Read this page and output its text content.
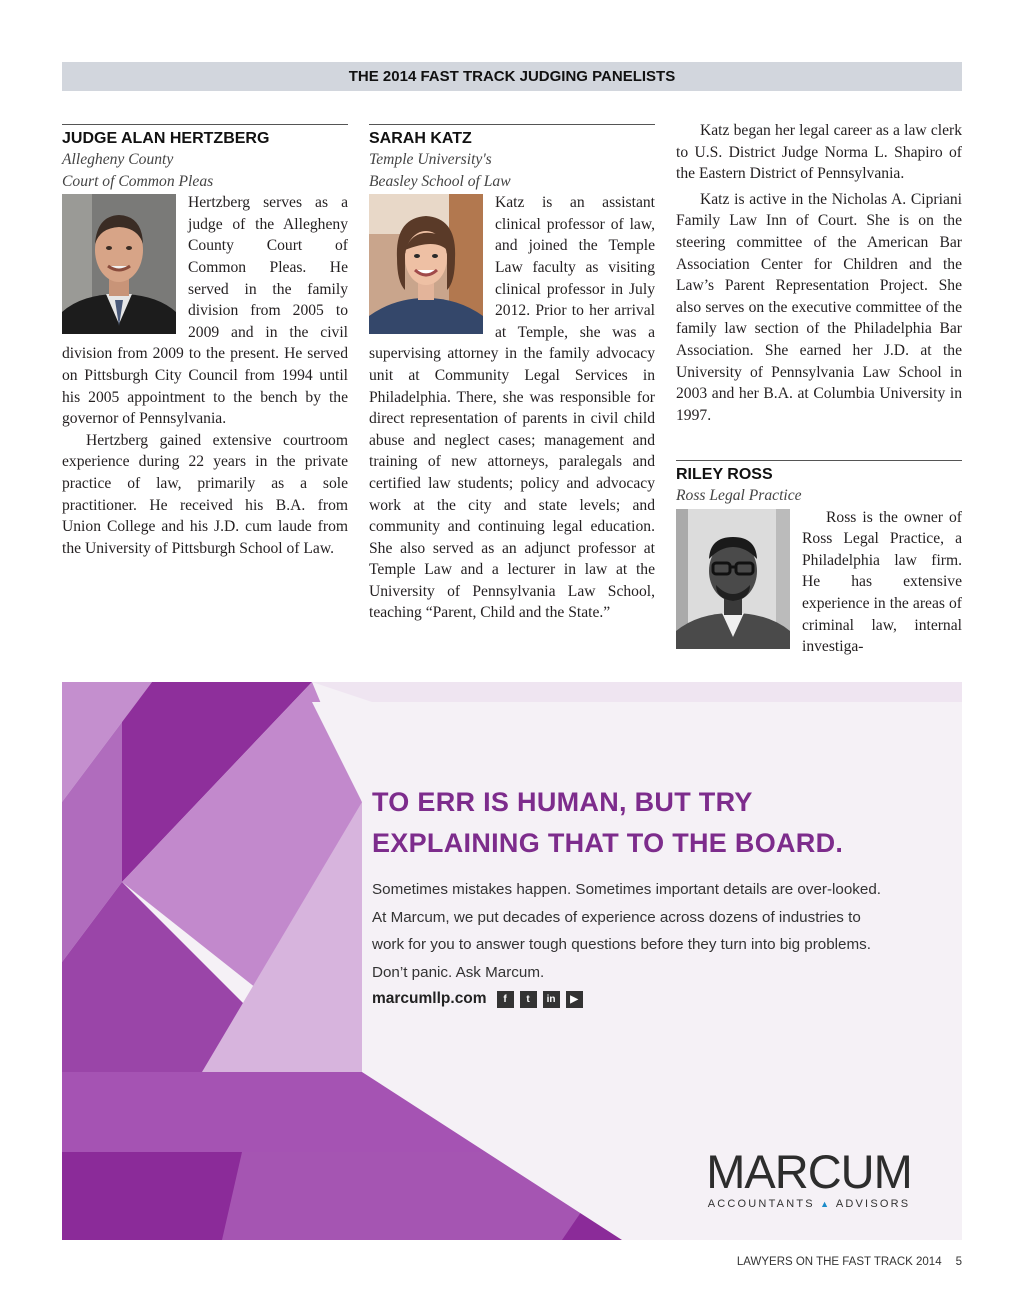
THE 2014 FAST TRACK JUDGING PANELISTS
JUDGE ALAN HERTZBERG
Allegheny County
Court of Common Pleas

Hertzberg serves as a judge of the Allegheny County Court of Common Pleas. He served in the family division from 2005 to 2009 and in the civil division from 2009 to the present. He served on Pittsburgh City Council from 1994 until his 2005 appointment to the bench by the governor of Pennsylvania.

Hertzberg gained extensive courtroom experience during 22 years in the private practice of law, primarily as a sole practitioner. He received his B.A. from Union College and his J.D. cum laude from the University of Pittsburgh School of Law.

SARAH KATZ
Temple University's
Beasley School of Law

Katz is an assistant clinical professor of law, and joined the Temple Law faculty as visiting clinical professor in July 2012. Prior to her arrival at Temple, she was a supervising attorney in the family advocacy unit at Community Legal Services in Philadelphia. There, she was responsible for direct representation of parents in civil child abuse and neglect cases; management and training of new attorneys, paralegals and certified law students; policy and advocacy work at the city and state levels; and community and continuing legal education. She also served as an adjunct professor at Temple Law and a lecturer in law at the University of Pennsylvania Law School, teaching “Parent, Child and the State.”

Katz began her legal career as a law clerk to U.S. District Judge Norma L. Shapiro of the Eastern District of Pennsylvania.

Katz is active in the Nicholas A. Cipriani Family Law Inn of Court. She is on the steering committee of the American Bar Association Center for Children and the Law’s Parent Representation Project. She also serves on the executive committee of the family law section of the Philadelphia Bar Association. She earned her J.D. at the University of Pennsylvania Law School in 2003 and her B.A. at Columbia University in 1997.

RILEY ROSS
Ross Legal Practice

Ross is the owner of Ross Legal Practice, a Philadelphia law firm. He has extensive experience in the areas of criminal law, internal investiga-

TO ERR IS HUMAN, BUT TRY
EXPLAINING THAT TO THE BOARD.
Sometimes mistakes happen. Sometimes important details are over-looked.
At Marcum, we put decades of experience across dozens of industries to
work for you to answer tough questions before they turn into big problems.
Don’t panic. Ask Marcum.
marcumllp.com	f	t	in	▶
MARCUM
ACCOUNTANTS ▲ ADVISORS
LAWYERS ON THE FAST TRACK 2014 5
